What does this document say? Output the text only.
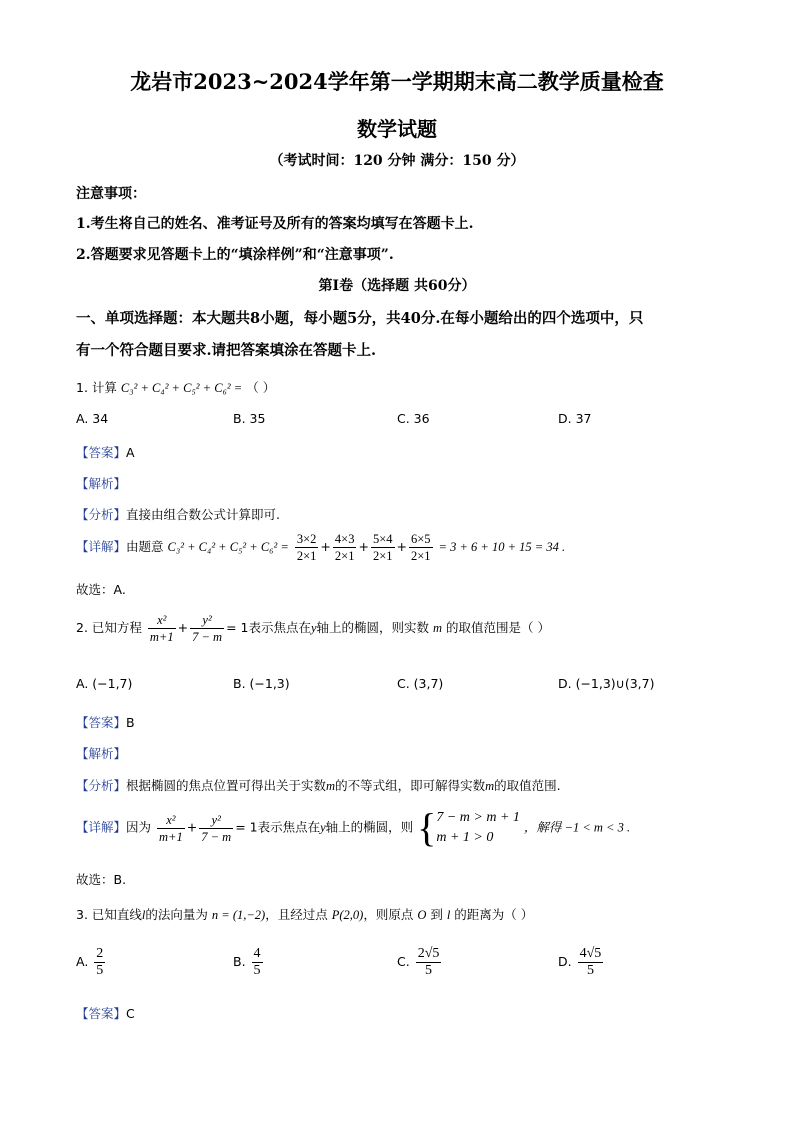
龙岩市2023~2024学年第一学期期末高二教学质量检查
数学试题
（考试时间：120 分钟 满分：150 分）
注意事项：
1.考生将自己的姓名、准考证号及所有的答案均填写在答题卡上.
2.答题要求见答题卡上的“填涂样例”和“注意事项”.
第Ⅰ卷（选择题 共60分）
一、单项选择题：本大题共8小题，每小题5分，共40分.在每小题给出的四个选项中，只
有一个符合题目要求.请把答案填涂在答题卡上.
1. 计算 C₃² + C₄² + C₅² + C₆² = （ ）
A. 34	B. 35	C. 36	D. 37
【答案】A
【解析】
【分析】直接由组合数公式计算即可.
【详解】由题意 $C_3^2 + C_4^2 + C_5^2 + C_6^2 = \frac{3\times 2}{2\times 1} + \frac{4\times 3}{2\times 1} + \frac{5\times 4}{2\times 1} + \frac{6\times 5}{2\times 1} = 3 + 6 + 10 + 15 = 34$ .
故选：A.
2. 已知方程 $\frac{\text{x²}}{m+1} + \frac{\text{y²}}{7 - m} = 1$表示焦点在y轴上的椭圆，则实数 m 的取值范围是（ ）
A. (−1,7)	B. (−1,3)	C. (3,7)	D. (−1,3)∪(3,7)
【答案】B
【解析】
【分析】根据椭圆的焦点位置可得出关于实数m的不等式组，即可解得实数m的取值范围.
【详解】因为 $\frac{\text{x²}}{m+1} + \frac{\text{y²}}{7 - m} = 1$表示焦点在y轴上的椭圆，则 { 7 − m > m + 1
m + 1 > 0
，解得 −1 < m < 3 .
故选：B.
3. 已知直线l的法向量为 n = (1,−2)，且经过点 P(2,0)，则原点 O 到 l 的距离为（ ）
A. $\frac{2}{5}$	B. $\frac{4}{5}$	C. $\frac{2√5}{5}$	D. $\frac{4√5}{5}$
【答案】C
